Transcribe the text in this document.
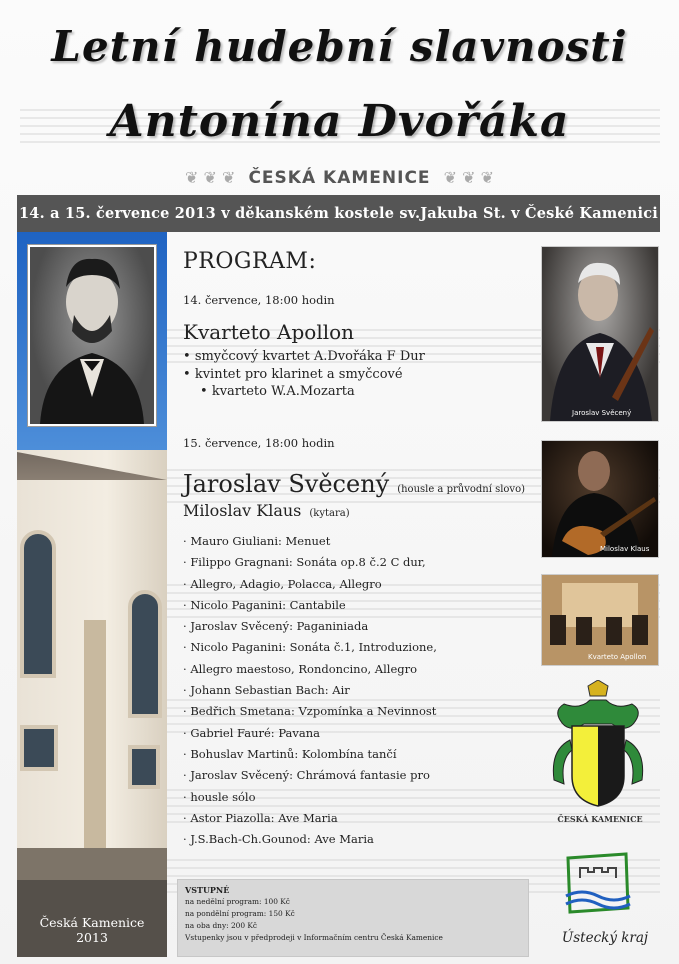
Letní hudební slavnosti
Antonína Dvořáka
❦ ❦ ❦ ČESKÁ KAMENICE ❦ ❦ ❦
14. a 15. července 2013 v děkanském kostele sv.Jakuba St. v České Kamenici
Česká Kamenice
2013
PROGRAM:
14. července, 18:00 hodin
Kvarteto Apollon
• smyčcový kvartet A.Dvořáka F Dur
• kvintet pro klarinet a smyčcové
• kvarteto W.A.Mozarta
15. července, 18:00 hodin
Jaroslav Svěcený (housle a průvodní slovo)
Miloslav Klaus (kytara)
· Mauro Giuliani: Menuet
· Filippo Gragnani: Sonáta op.8 č.2 C dur,
· Allegro, Adagio, Polacca, Allegro
· Nicolo Paganini: Cantabile
· Jaroslav Svěcený: Paganiniada
· Nicolo Paganini: Sonáta č.1, Introduzione,
· Allegro maestoso, Rondoncino, Allegro
· Johann Sebastian Bach: Air
· Bedřich Smetana: Vzpomínka a Nevinnost
· Gabriel Fauré: Pavana
· Bohuslav Martinů: Kolombína tančí
· Jaroslav Svěcený: Chrámová fantasie pro
· housle sólo
· Astor Piazolla: Ave Maria
· J.S.Bach-Ch.Gounod: Ave Maria
Jaroslav Svěcený
Miloslav Klaus
Kvarteto Apollon
ČESKÁ KAMENICE
Ústecký kraj
VSTUPNÉ
na nedělní program: 100 Kč
na pondělní program: 150 Kč
na oba dny: 200 Kč
Vstupenky jsou v předprodeji v Informačním centru Česká Kamenice
